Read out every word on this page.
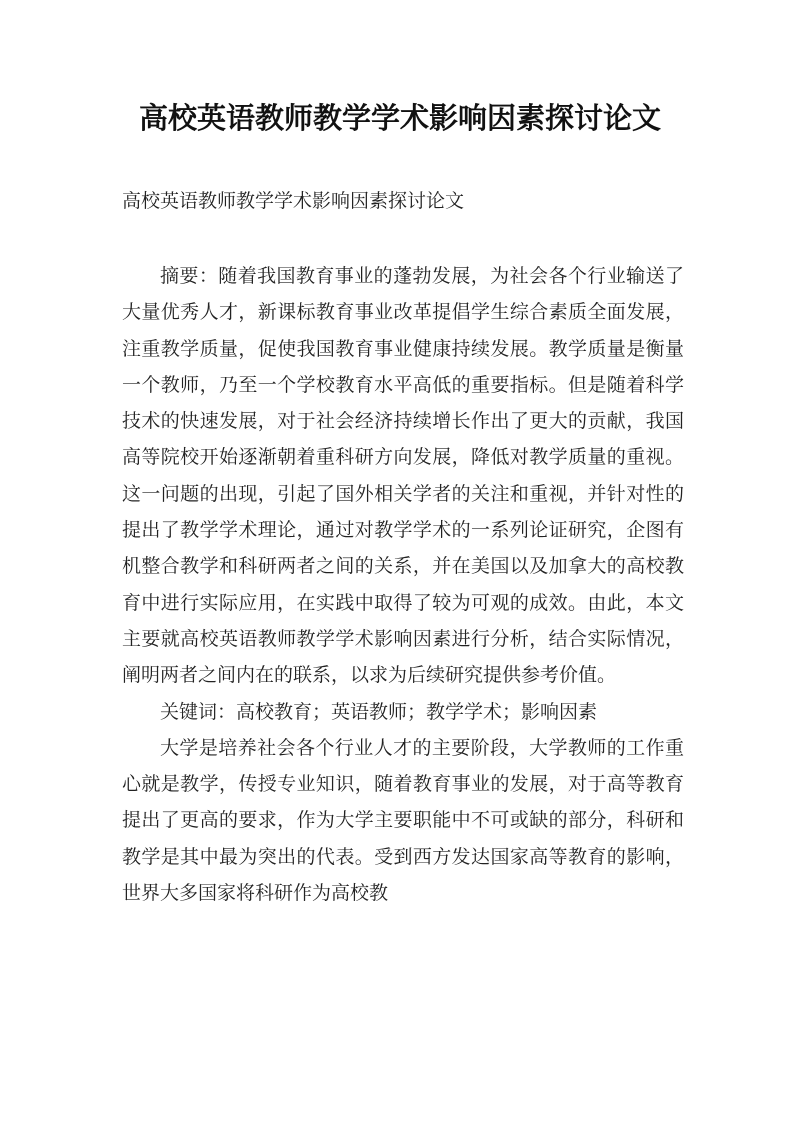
高校英语教师教学学术影响因素探讨论文
高校英语教师教学学术影响因素探讨论文

摘要：随着我国教育事业的蓬勃发展，为社会各个行业输送了大量优秀人才，新课标教育事业改革提倡学生综合素质全面发展，注重教学质量，促使我国教育事业健康持续发展。教学质量是衡量一个教师，乃至一个学校教育水平高低的重要指标。但是随着科学技术的快速发展，对于社会经济持续增长作出了更大的贡献，我国高等院校开始逐渐朝着重科研方向发展，降低对教学质量的重视。这一问题的出现，引起了国外相关学者的关注和重视，并针对性的提出了教学学术理论，通过对教学学术的一系列论证研究，企图有机整合教学和科研两者之间的关系，并在美国以及加拿大的高校教育中进行实际应用，在实践中取得了较为可观的成效。由此，本文主要就高校英语教师教学学术影响因素进行分析，结合实际情况，阐明两者之间内在的联系，以求为后续研究提供参考价值。

关键词：高校教育；英语教师；教学学术；影响因素

大学是培养社会各个行业人才的主要阶段，大学教师的工作重心就是教学，传授专业知识，随着教育事业的发展，对于高等教育提出了更高的要求，作为大学主要职能中不可或缺的部分，科研和教学是其中最为突出的代表。受到西方发达国家高等教育的影响，世界大多国家将科研作为高校教
